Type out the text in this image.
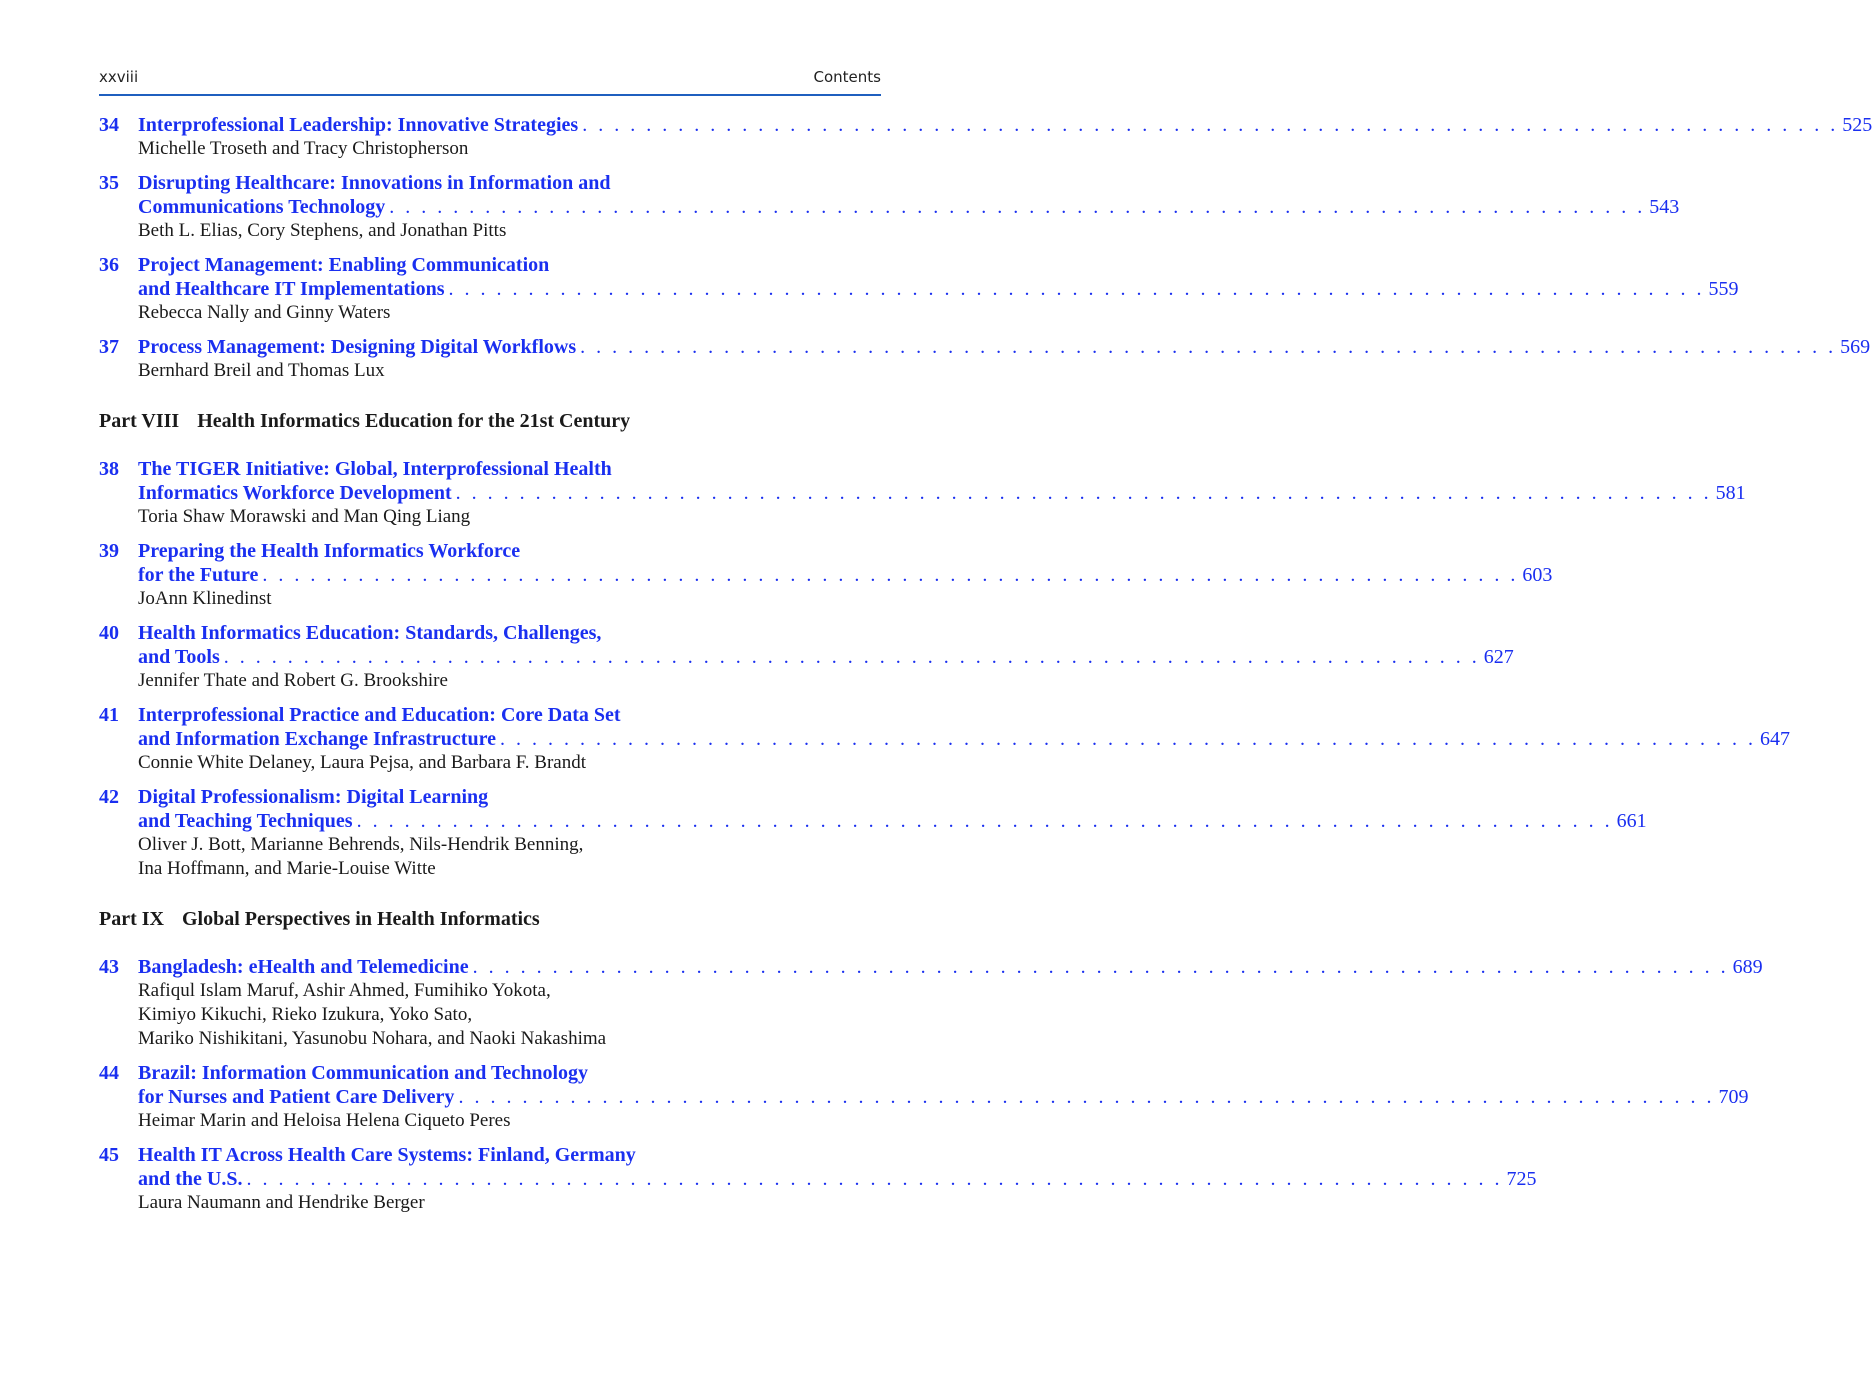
xxviii	Contents
34 Interprofessional Leadership: Innovative Strategies . . .	525
Michelle Troseth and Tracy Christopherson
35 Disrupting Healthcare: Innovations in Information and
Communications Technology . . .	543
Beth L. Elias, Cory Stephens, and Jonathan Pitts
36 Project Management: Enabling Communication
and Healthcare IT Implementations . . .	559
Rebecca Nally and Ginny Waters
37 Process Management: Designing Digital Workflows . . .	569
Bernhard Breil and Thomas Lux
Part VIII Health Informatics Education for the 21st Century
38 The TIGER Initiative: Global, Interprofessional Health
Informatics Workforce Development . . .	581
Toria Shaw Morawski and Man Qing Liang
39 Preparing the Health Informatics Workforce
for the Future . . .	603
JoAnn Klinedinst
40 Health Informatics Education: Standards, Challenges,
and Tools . . .	627
Jennifer Thate and Robert G. Brookshire
41 Interprofessional Practice and Education: Core Data Set
and Information Exchange Infrastructure . . .	647
Connie White Delaney, Laura Pejsa, and Barbara F. Brandt
42 Digital Professionalism: Digital Learning
and Teaching Techniques . . .	661
Oliver J. Bott, Marianne Behrends, Nils-Hendrik Benning,
Ina Hoffmann, and Marie-Louise Witte
Part IX Global Perspectives in Health Informatics
43 Bangladesh: eHealth and Telemedicine . . .	689
Rafiqul Islam Maruf, Ashir Ahmed, Fumihiko Yokota,
Kimiyo Kikuchi, Rieko Izukura, Yoko Sato,
Mariko Nishikitani, Yasunobu Nohara, and Naoki Nakashima
44 Brazil: Information Communication and Technology
for Nurses and Patient Care Delivery . . .	709
Heimar Marin and Heloisa Helena Ciqueto Peres
45 Health IT Across Health Care Systems: Finland, Germany
and the U.S. . . .	725
Laura Naumann and Hendrike Berger
